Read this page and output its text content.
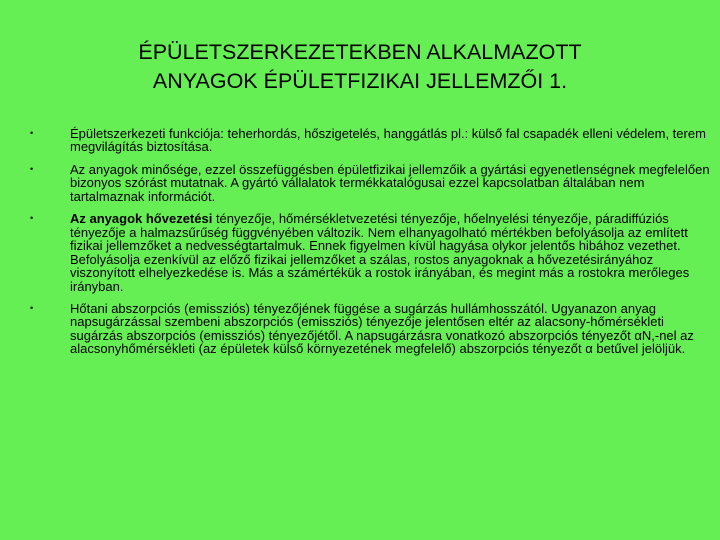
ÉPÜLETSZERKEZETEKBEN ALKALMAZOTT
ANYAGOK ÉPÜLETFIZIKAI JELLEMZŐI 1.
•	Épületszerkezeti funkciója: teherhordás, hőszigetelés, hanggátlás pl.: külső fal csapadék elleni védelem, terem megvilágítás biztosítása.
•	Az anyagok minősége, ezzel összefüggésben épületfizikai jellemzőik a gyártási egyenetlenségnek megfelelően bizonyos szórást mutatnak. A gyártó vállalatok termékkatalógusai ezzel kapcsolatban általában nem tartalmaznak információt.
•	Az anyagok hővezetési tényezője, hőmérsékletvezetési tényezője, hőelnyelési tényezője, páradiffúziós tényezője a halmazsűrűség függvényében változik. Nem elhanyagolható mértékben befolyásolja az említett fizikai jellemzőket a nedvességtartalmuk. Ennek figyelmen kívül hagyása olykor jelentős hibához vezethet. Befolyásolja ezenkívül az előző fizikai jellemzőket a szálas, rostos anyagoknak a hővezetésirányához viszonyított elhelyezkedése is. Más a számértékük a rostok irányában, és megint más a rostokra merőleges irányban.
•	Hőtani abszorpciós (emissziós) tényezőjének függése a sugárzás hullámhosszától. Ugyanazon anyag napsugárzással szembeni abszorpciós (emissziós) tényezője jelentősen eltér az alacsony-hőmérsékleti sugárzás abszorpciós (emissziós) tényezőjétől. A napsugárzásra vonatkozó abszorpciós tényezőt αN,-nel az alacsonyhőmérsékleti (az épületek külső környezetének megfelelő) abszorpciós tényezőt α betűvel jelöljük.
